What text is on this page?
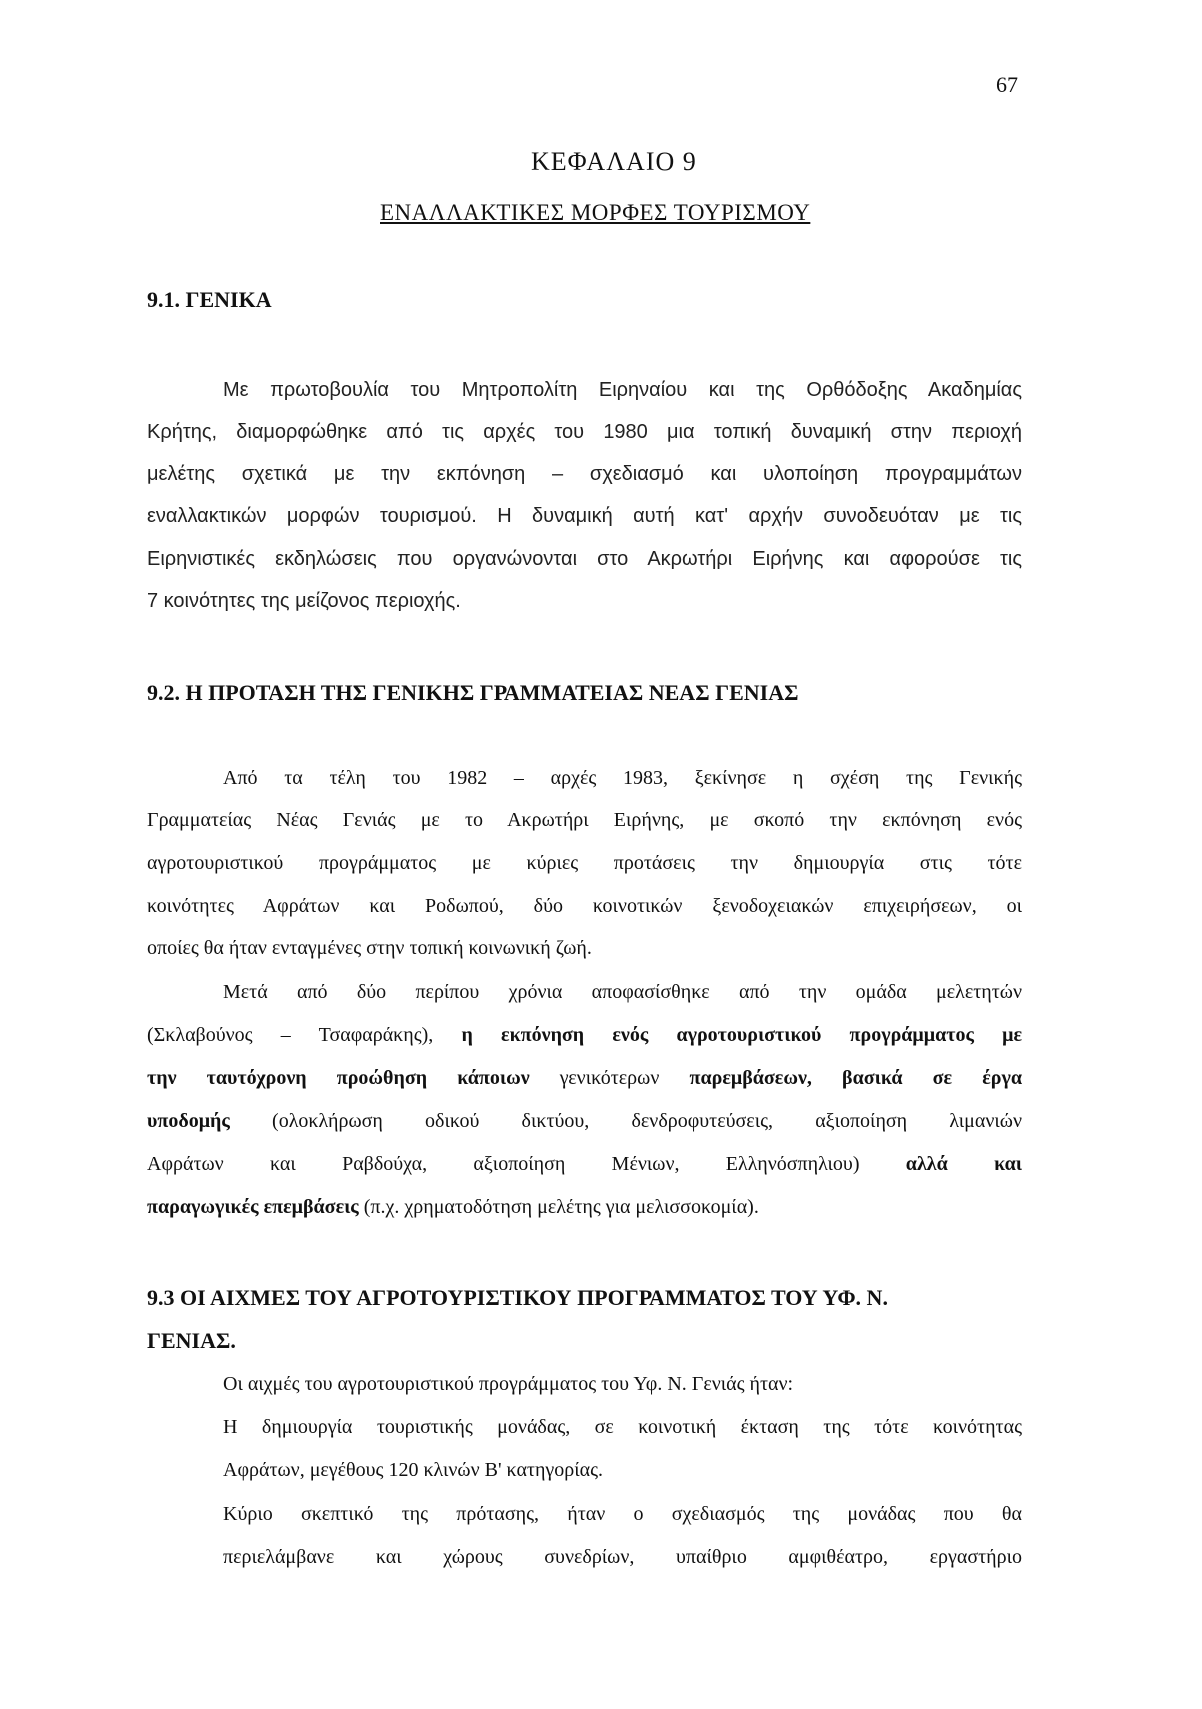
67
ΚΕΦΑΛΑΙΟ 9
ΕΝΑΛΛΑΚΤΙΚΕΣ ΜΟΡΦΕΣ ΤΟΥΡΙΣΜΟΥ
9.1. ΓΕΝΙΚΑ
Με πρωτοβουλία του Μητροπολίτη Ειρηναίου και της Ορθόδοξης Ακαδημίας
Κρήτης, διαμορφώθηκε από τις αρχές του 1980 μια τοπική δυναμική στην περιοχή
μελέτης σχετικά με την εκπόνηση – σχεδιασμό και υλοποίηση προγραμμάτων
εναλλακτικών μορφών τουρισμού. Η δυναμική αυτή κατ' αρχήν συνοδευόταν με τις
Ειρηνιστικές εκδηλώσεις που οργανώνονται στο Ακρωτήρι Ειρήνης και αφορούσε τις
7 κοινότητες της μείζονος περιοχής.
9.2. Η ΠΡΟΤΑΣΗ ΤΗΣ ΓΕΝΙΚΗΣ ΓΡΑΜΜΑΤΕΙΑΣ ΝΕΑΣ ΓΕΝΙΑΣ
Από τα τέλη του 1982 – αρχές 1983, ξεκίνησε η σχέση της Γενικής
Γραμματείας Νέας Γενιάς με το Ακρωτήρι Ειρήνης, με σκοπό την εκπόνηση ενός
αγροτουριστικού προγράμματος με κύριες προτάσεις την δημιουργία στις τότε
κοινότητες Αφράτων και Ροδωπού, δύο κοινοτικών ξενοδοχειακών επιχειρήσεων, οι
οποίες θα ήταν ενταγμένες στην τοπική κοινωνική ζωή.
Μετά από δύο περίπου χρόνια αποφασίσθηκε από την ομάδα μελετητών
(Σκλαβούνος – Τσαφαράκης), η εκπόνηση ενός αγροτουριστικού προγράμματος με
την ταυτόχρονη προώθηση κάποιων γενικότερων παρεμβάσεων, βασικά σε έργα
υποδομής (ολοκλήρωση οδικού δικτύου, δενδροφυτεύσεις, αξιοποίηση λιμανιών
Αφράτων και Ραβδούχα, αξιοποίηση Μένιων, Ελληνόσπηλιου) αλλά και
παραγωγικές επεμβάσεις (π.χ. χρηματοδότηση μελέτης για μελισσοκομία).
9.3 ΟΙ ΑΙΧΜΕΣ ΤΟΥ ΑΓΡΟΤΟΥΡΙΣΤΙΚΟΥ ΠΡΟΓΡΑΜΜΑΤΟΣ ΤΟΥ ΥΦ. Ν.
ΓΕΝΙΑΣ.
Οι αιχμές του αγροτουριστικού προγράμματος του Υφ. Ν. Γενιάς ήταν:
Η δημιουργία τουριστικής μονάδας, σε κοινοτική έκταση της τότε κοινότητας
Αφράτων, μεγέθους 120 κλινών Β' κατηγορίας.
Κύριο σκεπτικό της πρότασης, ήταν ο σχεδιασμός της μονάδας που θα
περιελάμβανε και χώρους συνεδρίων, υπαίθριο αμφιθέατρο, εργαστήριο
